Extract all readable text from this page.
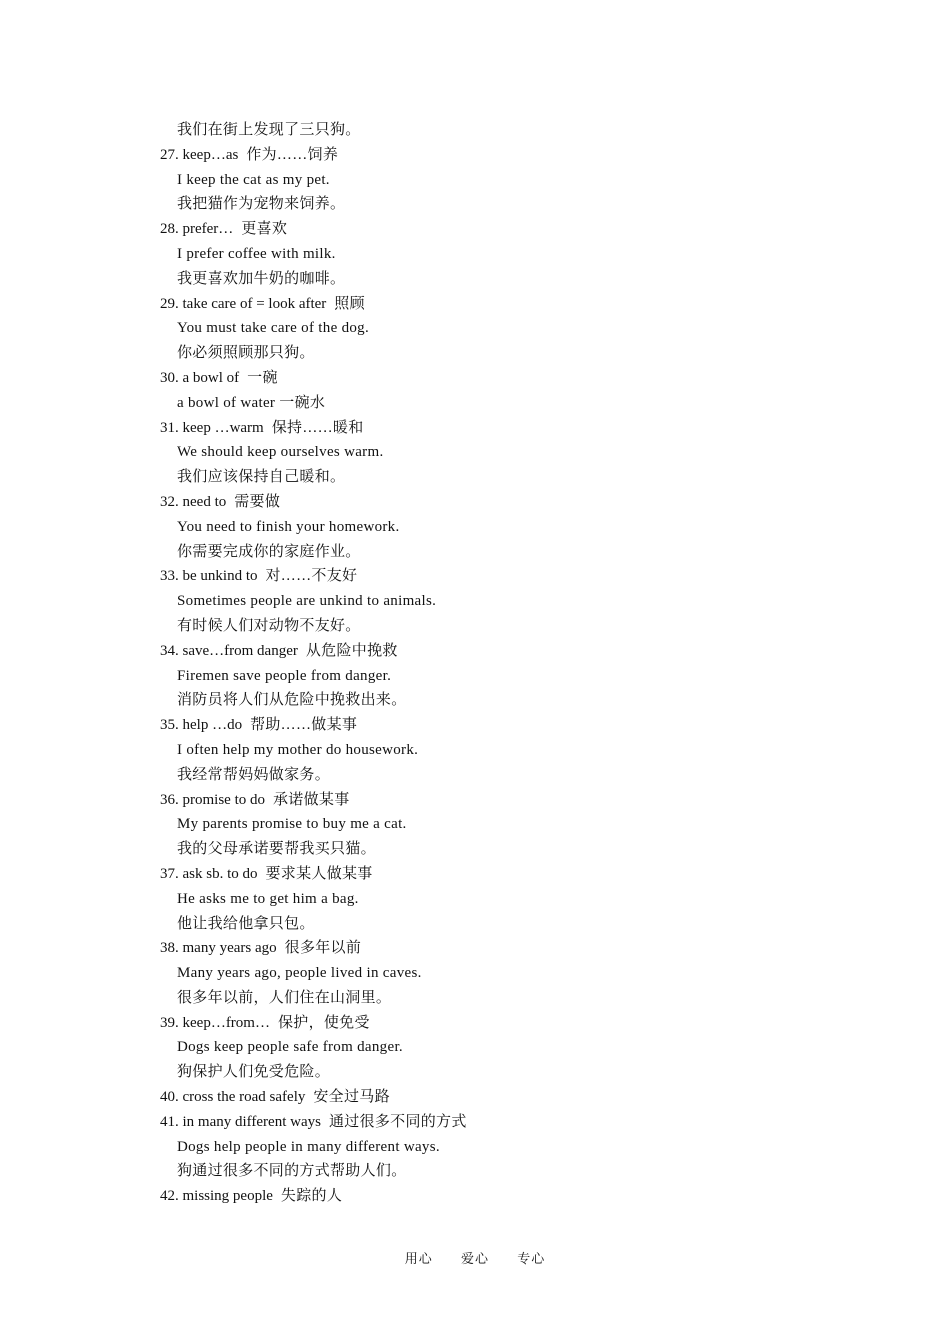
我们在街上发现了三只狗。
27. keep…as 作为……饲养
I keep the cat as my pet.
我把猫作为宠物来饲养。
28. prefer… 更喜欢
I prefer coffee with milk.
我更喜欢加牛奶的咖啡。
29. take care of = look after 照顾
You must take care of the dog.
你必须照顾那只狗。
30. a bowl of 一碗
a bowl of water 一碗水
31. keep …warm 保持……暖和
We should keep ourselves warm.
我们应该保持自己暖和。
32. need to 需要做
You need to finish your homework.
你需要完成你的家庭作业。
33. be unkind to 对……不友好
Sometimes people are unkind to animals.
有时候人们对动物不友好。
34. save…from danger 从危险中挽救
Firemen save people from danger.
消防员将人们从危险中挽救出来。
35. help …do 帮助……做某事
I often help my mother do housework.
我经常帮妈妈做家务。
36. promise to do 承诺做某事
My parents promise to buy me a cat.
我的父母承诺要帮我买只猫。
37. ask sb. to do 要求某人做某事
He asks me to get him a bag.
他让我给他拿只包。
38. many years ago 很多年以前
Many years ago, people lived in caves.
很多年以前，人们住在山洞里。
39. keep…from… 保护，使免受
Dogs keep people safe from danger.
狗保护人们免受危险。
40. cross the road safely 安全过马路
41. in many different ways 通过很多不同的方式
Dogs help people in many different ways.
狗通过很多不同的方式帮助人们。
42. missing people 失踪的人
用心 爱心 专心
